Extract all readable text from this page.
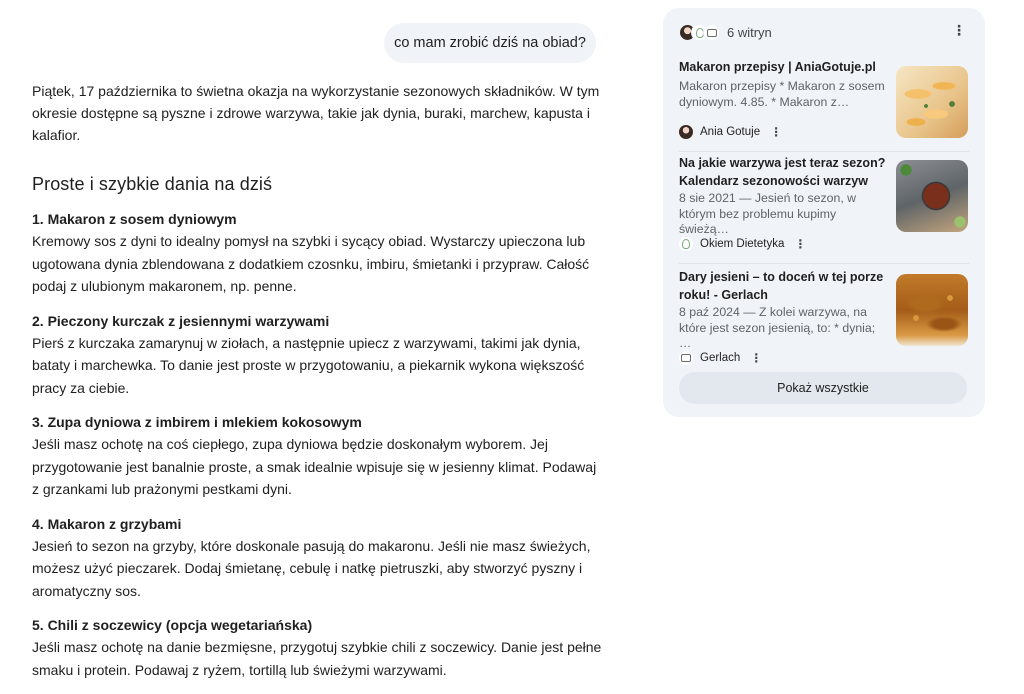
co mam zrobić dziś na obiad?

Piątek, 17 października to świetna okazja na wykorzystanie sezonowych składników. W tym okresie dostępne są pyszne i zdrowe warzywa, takie jak dynia, buraki, marchew, kapusta i kalafior.

Proste i szybkie dania na dziś
1. Makaron z sosem dyniowym
Kremowy sos z dyni to idealny pomysł na szybki i sycący obiad. Wystarczy upieczona lub ugotowana dynia zblendowana z dodatkiem czosnku, imbiru, śmietanki i przypraw. Całość podaj z ulubionym makaronem, np. penne.
2. Pieczony kurczak z jesiennymi warzywami
Pierś z kurczaka zamarynuj w ziołach, a następnie upiecz z warzywami, takimi jak dynia, bataty i marchewka. To danie jest proste w przygotowaniu, a piekarnik wykona większość pracy za ciebie.
3. Zupa dyniowa z imbirem i mlekiem kokosowym
Jeśli masz ochotę na coś ciepłego, zupa dyniowa będzie doskonałym wyborem. Jej przygotowanie jest banalnie proste, a smak idealnie wpisuje się w jesienny klimat. Podawaj z grzankami lub prażonymi pestkami dyni.
4. Makaron z grzybami
Jesień to sezon na grzyby, które doskonale pasują do makaronu. Jeśli nie masz świeżych, możesz użyć pieczarek. Dodaj śmietanę, cebulę i natkę pietruszki, aby stworzyć pyszny i aromatyczny sos.
5. Chili z soczewicy (opcja wegetariańska)
Jeśli masz ochotę na danie bezmięsne, przygotuj szybkie chili z soczewicy. Danie jest pełne smaku i protein. Podawaj z ryżem, tortillą lub świeżymi warzywami.
6 witryn	⋮
Makaron przepisy | AniaGotuje.pl
Makaron przepisy * Makaron z sosem dyniowym. 4.85. * Makaron z…
Ania Gotuje ⋮
Na jakie warzywa jest teraz sezon? Kalendarz sezonowości warzyw
8 sie 2021 — Jesień to sezon, w którym bez problemu kupimy świeżą…
Okiem Dietetyka ⋮
Dary jesieni – to doceń w tej porze roku! - Gerlach
8 paź 2024 — Z kolei warzywa, na które jest sezon jesienią, to: * dynia; …
Gerlach ⋮
Pokaż wszystkie
